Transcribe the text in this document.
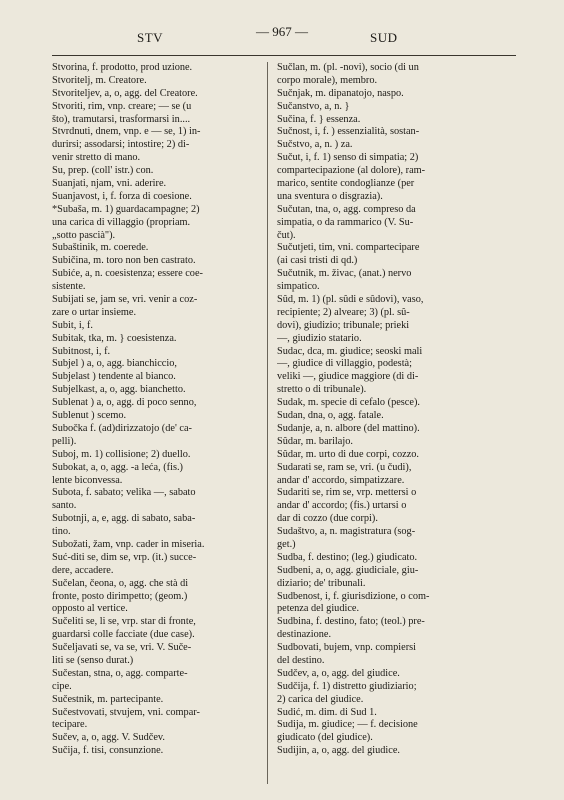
STV	— 967 —	SUD
Stvorina, f. prodotto, prod uzione.
Stvoritelj, m. Creatore.
Stvoriteljev, a, o, agg. del Creatore.
Stvoriti, rim, vnp. creare; — se (u
što), tramutarsi, trasformarsi in....
Stvrdnuti, dnem, vnp. e — se, 1) in-
durirsi; assodarsi; intostire; 2) di-
venir stretto di mano.
Su, prep. (coll' istr.) con.
Suanjati, njam, vni. aderire.
Suanjavost, i, f. forza di coesione.
*Subaša, m. 1) guardacampagne; 2)
una carica di villaggio (propriam.
„sotto pascià").
Subaštinik, m. coerede.
Subičina, m. toro non ben castrato.
Subiće, a, n. coesistenza; essere coe-
sistente.
Subijati se, jam se, vri. venir a coz-
zare o urtar insieme.
Subit, i, f.
Subitak, tka, m. } coesistenza.
Subitnost, i, f.
Subjel ) a, o, agg. bianchiccio,
Subjelast ) tendente al bianco.
Subjelkast, a, o, agg. bianchetto.
Sublenat ) a, o, agg. di poco senno,
Sublenut ) scemo.
Subočka f. (ad)dirizzatojo (de' ca-
pelli).
Suboj, m. 1) collisione; 2) duello.
Subokat, a, o, agg. -a leća, (fis.)
lente biconvessa.
Subota, f. sabato; velika —, sabato
santo.
Subotnji, a, e, agg. di sabato, saba-
tino.
Subožati, žam, vnp. cader in miseria.
Suć-diti se, dim se, vrp. (it.) succe-
dere, accadere.
Sučelan, čeona, o, agg. che stà di
fronte, posto dirimpetto; (geom.)
opposto al vertice.
Sučeliti se, li se, vrp. star di fronte,
guardarsi colle facciate (due case).
Sučeljavati se, va se, vri. V. Suče-
liti se (senso durat.)
Sučestan, stna, o, agg. comparte-
cipe.
Sučestnik, m. partecipante.
Sučestvovati, stvujem, vni. compar-
tecipare.
Sučev, a, o, agg. V. Sudčev.
Sučija, f. tisi, consunzione.
Sučlan, m. (pl. -novi), socio (di un
corpo morale), membro.
Sučnjak, m. dipanatojo, naspo.
Sučanstvo, a, n. }
Sučina, f. } essenza.
Sučnost, i, f. ) essenzialità, sostan-
Sučstvo, a, n. ) za.
Sučut, i, f. 1) senso di simpatia; 2)
compartecipazione (al dolore), ram-
marico, sentite condoglianze (per
una sventura o disgrazia).
Sučutan, tna, o, agg. compreso da
simpatia, o da rammarico (V. Su-
čut).
Sučutjeti, tim, vni. compartecipare
(ai casi tristi di qd.)
Sučutnik, m. živac, (anat.) nervo
simpatico.
Sûd, m. 1) (pl. sûdi e sûdovi), vaso,
recipiente; 2) alveare; 3) (pl. sû-
dovi), giudizio; tribunale; prieki
—, giudizio statario.
Sudac, dca, m. giudice; seoski mali
—, giudice di villaggio, podestà;
veliki —, giudice maggiore (di di-
stretto o di tribunale).
Sudak, m. specie di cefalo (pesce).
Sudan, dna, o, agg. fatale.
Sudanje, a, n. albore (del mattino).
Sûdar, m. barilajo.
Sûdar, m. urto di due corpi, cozzo.
Sudarati se, ram se, vri. (u čudi),
andar d' accordo, simpatizzare.
Sudariti se, rim se, vrp. mettersi o
andar d' accordo; (fis.) urtarsi o
dar di cozzo (due corpi).
Sudaštvo, a, n. magistratura (sog-
get.)
Sudba, f. destino; (leg.) giudicato.
Sudbeni, a, o, agg. giudiciale, giu-
diziario; de' tribunali.
Sudbenost, i, f. giurisdizione, o com-
petenza del giudice.
Sudbina, f. destino, fato; (teol.) pre-
destinazione.
Sudbovati, bujem, vnp. compiersi
del destino.
Sudčev, a, o, agg. del giudice.
Sudčija, f. 1) distretto giudiziario;
2) carica del giudice.
Sudić, m. dim. di Sud 1.
Sudija, m. giudice; — f. decisione
giudicato (del giudice).
Sudijin, a, o, agg. del giudice.
